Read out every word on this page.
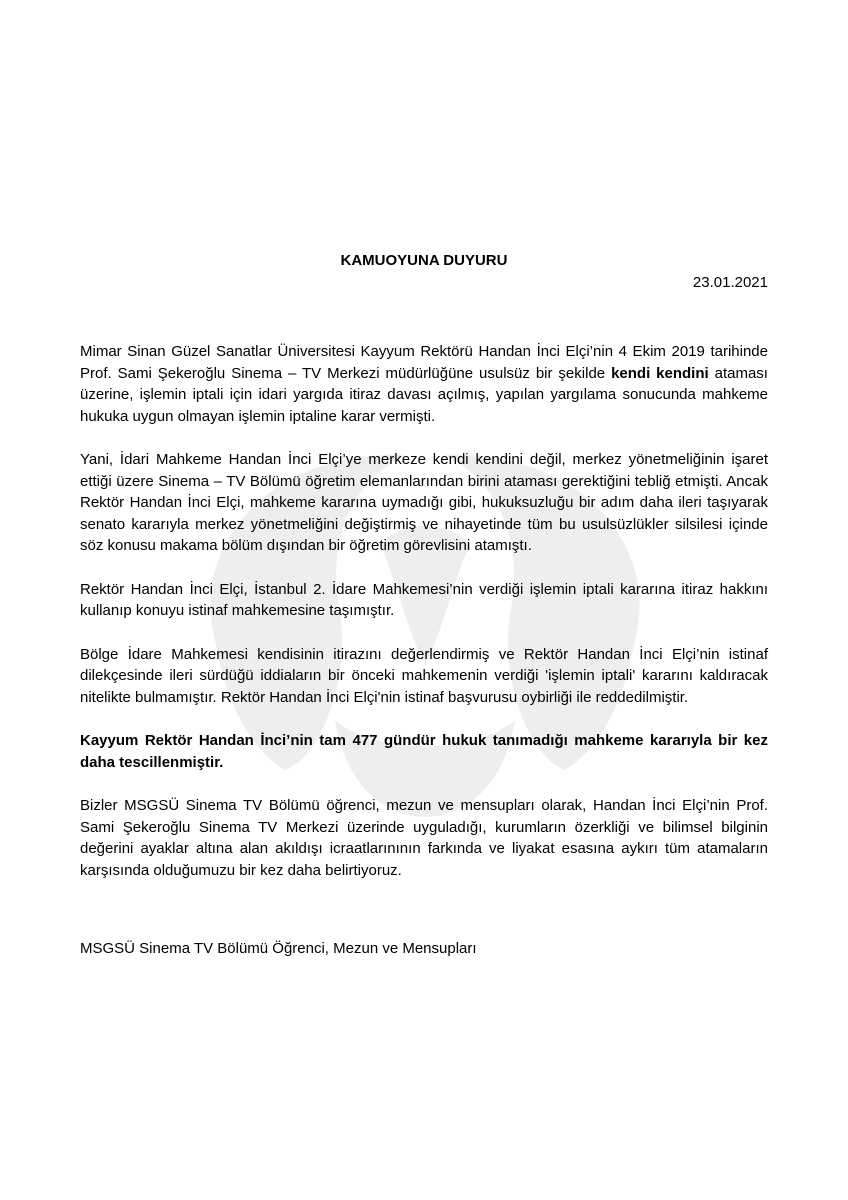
KAMUOYUNA DUYURU

23.01.2021

Mimar Sinan Güzel Sanatlar Üniversitesi Kayyum Rektörü Handan İnci Elçi’nin 4 Ekim 2019 tarihinde Prof. Sami Şekeroğlu Sinema – TV Merkezi müdürlüğüne usulsüz bir şekilde kendi kendini ataması üzerine, işlemin iptali için idari yargıda itiraz davası açılmış, yapılan yargılama sonucunda mahkeme hukuka uygun olmayan işlemin iptaline karar vermişti.

Yani, İdari Mahkeme Handan İnci Elçi’ye merkeze kendi kendini değil, merkez yönetmeliğinin işaret ettiği üzere Sinema – TV Bölümü öğretim elemanlarından birini ataması gerektiğini tebliğ etmişti. Ancak Rektör Handan İnci Elçi, mahkeme kararına uymadığı gibi, hukuksuzluğu bir adım daha ileri taşıyarak senato kararıyla merkez yönetmeliğini değiştirmiş ve nihayetinde tüm bu usulsüzlükler silsilesi içinde söz konusu makama bölüm dışından bir öğretim görevlisini atamıştı.

Rektör Handan İnci Elçi, İstanbul 2. İdare Mahkemesi’nin verdiği işlemin iptali kararına itiraz hakkını kullanıp konuyu istinaf mahkemesine taşımıştır.

Bölge İdare Mahkemesi kendisinin itirazını değerlendirmiş ve Rektör Handan İnci Elçi’nin istinaf dilekçesinde ileri sürdüğü iddiaların bir önceki mahkemenin verdiği 'işlemin iptali' kararını kaldıracak nitelikte bulmamıştır. Rektör Handan İnci Elçi'nin istinaf başvurusu oybirliği ile reddedilmiştir.

Kayyum Rektör Handan İnci’nin tam 477 gündür hukuk tanımadığı mahkeme kararıyla bir kez daha tescillenmiştir.

Bizler MSGSÜ Sinema TV Bölümü öğrenci, mezun ve mensupları olarak, Handan İnci Elçi’nin Prof. Sami Şekeroğlu Sinema TV Merkezi üzerinde uyguladığı, kurumların özerkliği ve bilimsel bilginin değerini ayaklar altına alan akıldışı icraatlarınının farkında ve liyakat esasına aykırı tüm atamaların karşısında olduğumuzu bir kez daha belirtiyoruz.

MSGSÜ Sinema TV Bölümü Öğrenci, Mezun ve Mensupları
